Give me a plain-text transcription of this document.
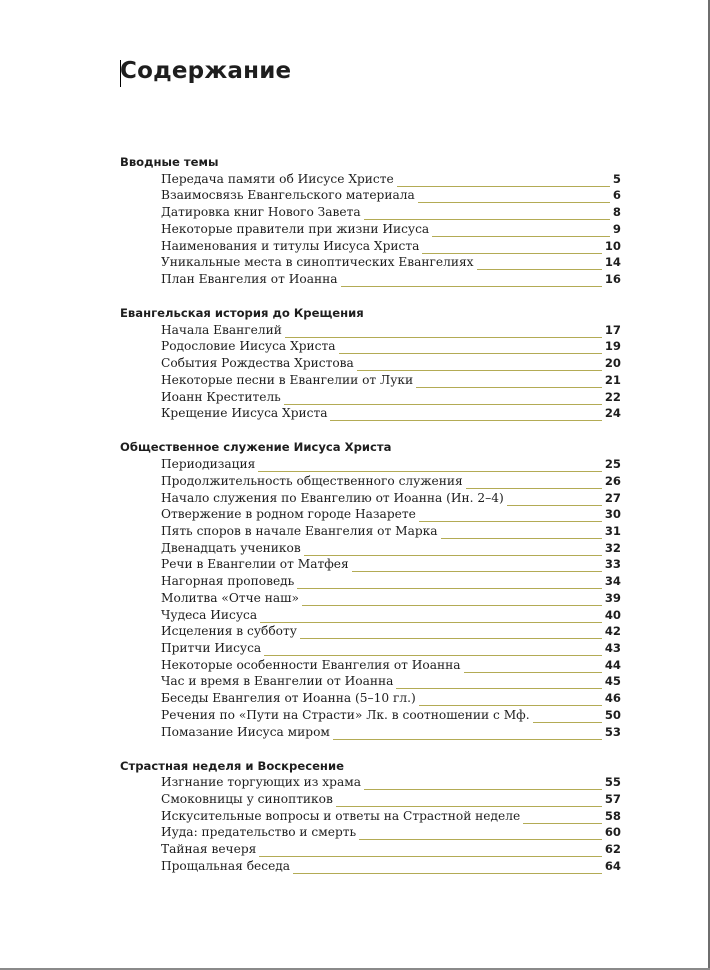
Содержание
Вводные темы
Передача памяти об Иисусе Христе	5
Взаимосвязь Евангельского материала	6
Датировка книг Нового Завета	8
Некоторые правители при жизни Иисуса	9
Наименования и титулы Иисуса Христа	10
Уникальные места в синоптических Евангелиях	14
План Евангелия от Иоанна	16
Евангельская история до Крещения
Начала Евангелий	17
Родословие Иисуса Христа	19
События Рождества Христова	20
Некоторые песни в Евангелии от Луки	21
Иоанн Креститель	22
Крещение Иисуса Христа	24
Общественное служение Иисуса Христа
Периодизация	25
Продолжительность общественного служения	26
Начало служения по Евангелию от Иоанна (Ин. 2–4)	27
Отвержение в родном городе Назарете	30
Пять споров в начале Евангелия от Марка	31
Двенадцать учеников	32
Речи в Евангелии от Матфея	33
Нагорная проповедь	34
Молитва «Отче наш»	39
Чудеса Иисуса	40
Исцеления в субботу	42
Притчи Иисуса	43
Некоторые особенности Евангелия от Иоанна	44
Час и время в Евангелии от Иоанна	45
Беседы Евангелия от Иоанна (5–10 гл.)	46
Речения по «Пути на Страсти» Лк. в соотношении с Мф.	50
Помазание Иисуса миром	53
Страстная неделя и Воскресение
Изгнание торгующих из храма	55
Смоковницы у синоптиков	57
Искусительные вопросы и ответы на Страстной неделе	58
Иуда: предательство и смерть	60
Тайная вечеря	62
Прощальная беседа	64
